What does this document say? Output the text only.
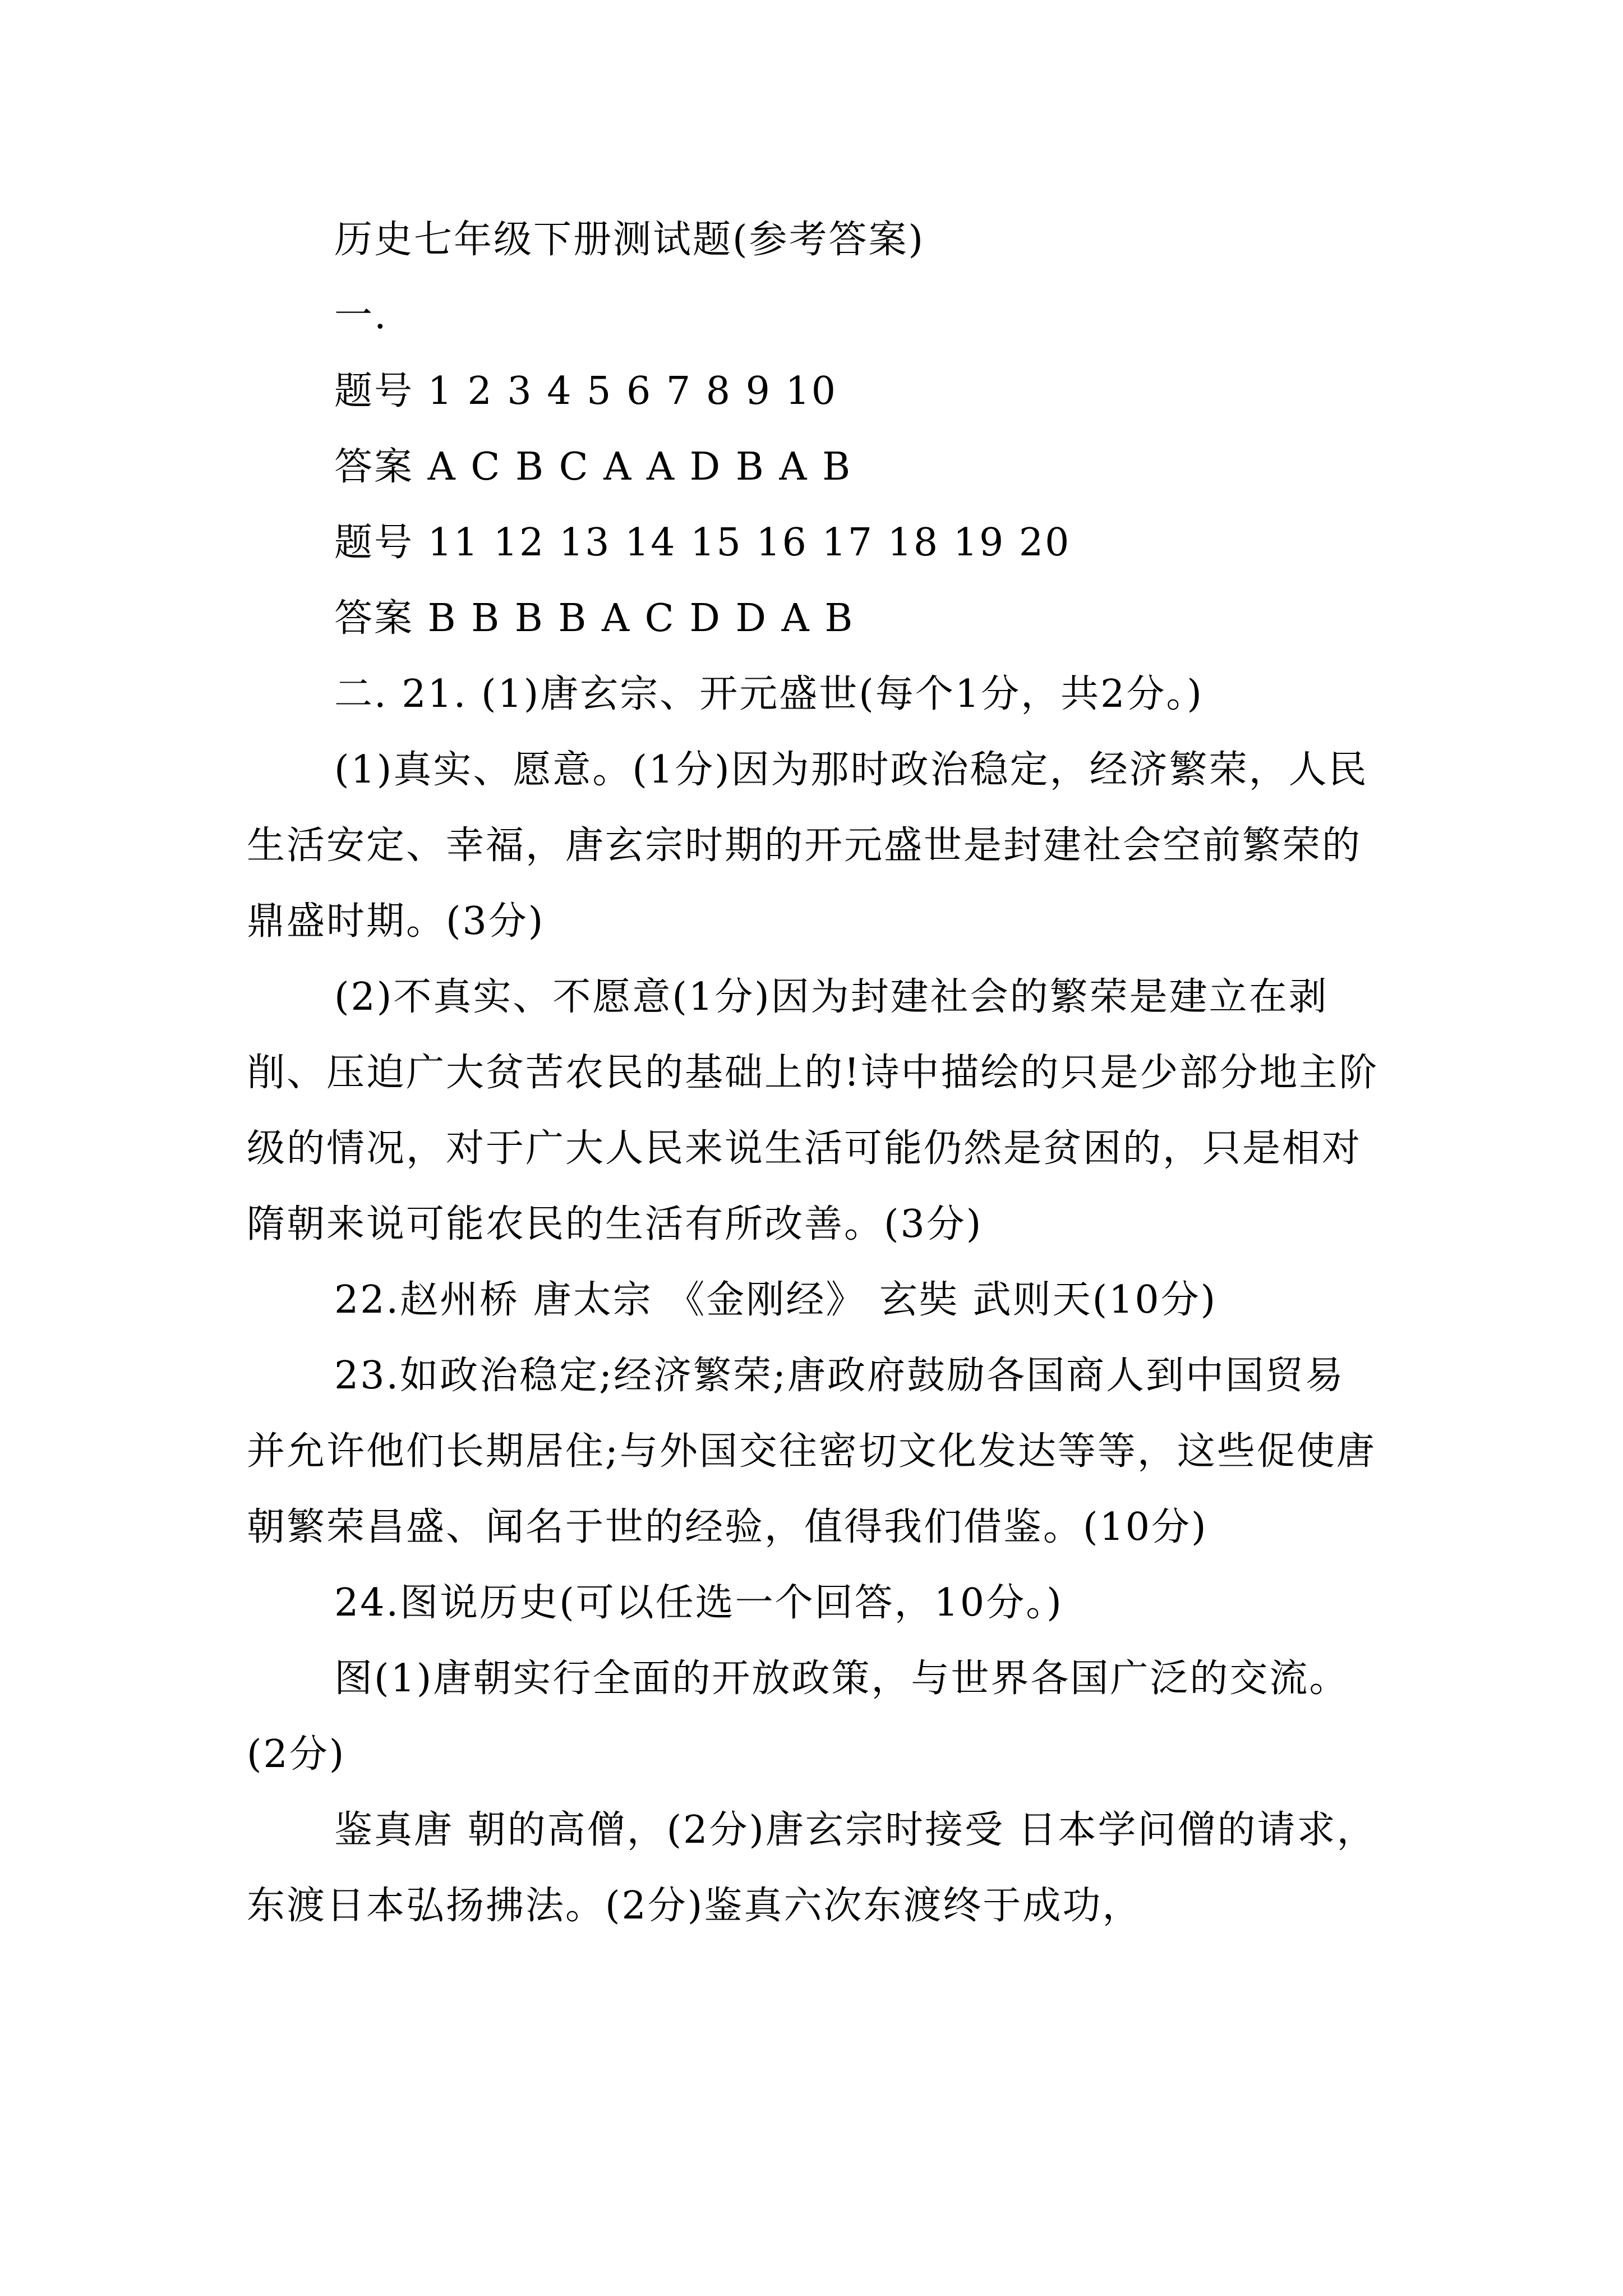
历史七年级下册测试题(参考答案)

一.

题号 1 2 3 4 5 6 7 8 9 10

答案 A C B C A A D B A B

题号 11 12 13 14 15 16 17 18 19 20

答案 B B B B A C D D A B

二. 21. (1)唐玄宗、开元盛世(每个1分，共2分。)

(1)真实、愿意。(1分)因为那时政治稳定，经济繁荣，人民生活安定、幸福，唐玄宗时期的开元盛世是封建社会空前繁荣的鼎盛时期。(3分)

(2)不真实、不愿意(1分)因为封建社会的繁荣是建立在剥削、压迫广大贫苦农民的基础上的!诗中描绘的只是少部分地主阶级的情况，对于广大人民来说生活可能仍然是贫困的，只是相对隋朝来说可能农民的生活有所改善。(3分)

22.赵州桥 唐太宗 《金刚经》 玄奘 武则天(10分)

23.如政治稳定;经济繁荣;唐政府鼓励各国商人到中国贸易并允许他们长期居住;与外国交往密切文化发达等等，这些促使唐朝繁荣昌盛、闻名于世的经验，值得我们借鉴。(10分)

24.图说历史(可以任选一个回答，10分。)

图(1)唐朝实行全面的开放政策，与世界各国广泛的交流。(2分)

鉴真唐 朝的高僧，(2分)唐玄宗时接受 日本学问僧的请求，东渡日本弘扬拂法。(2分)鉴真六次东渡终于成功，
